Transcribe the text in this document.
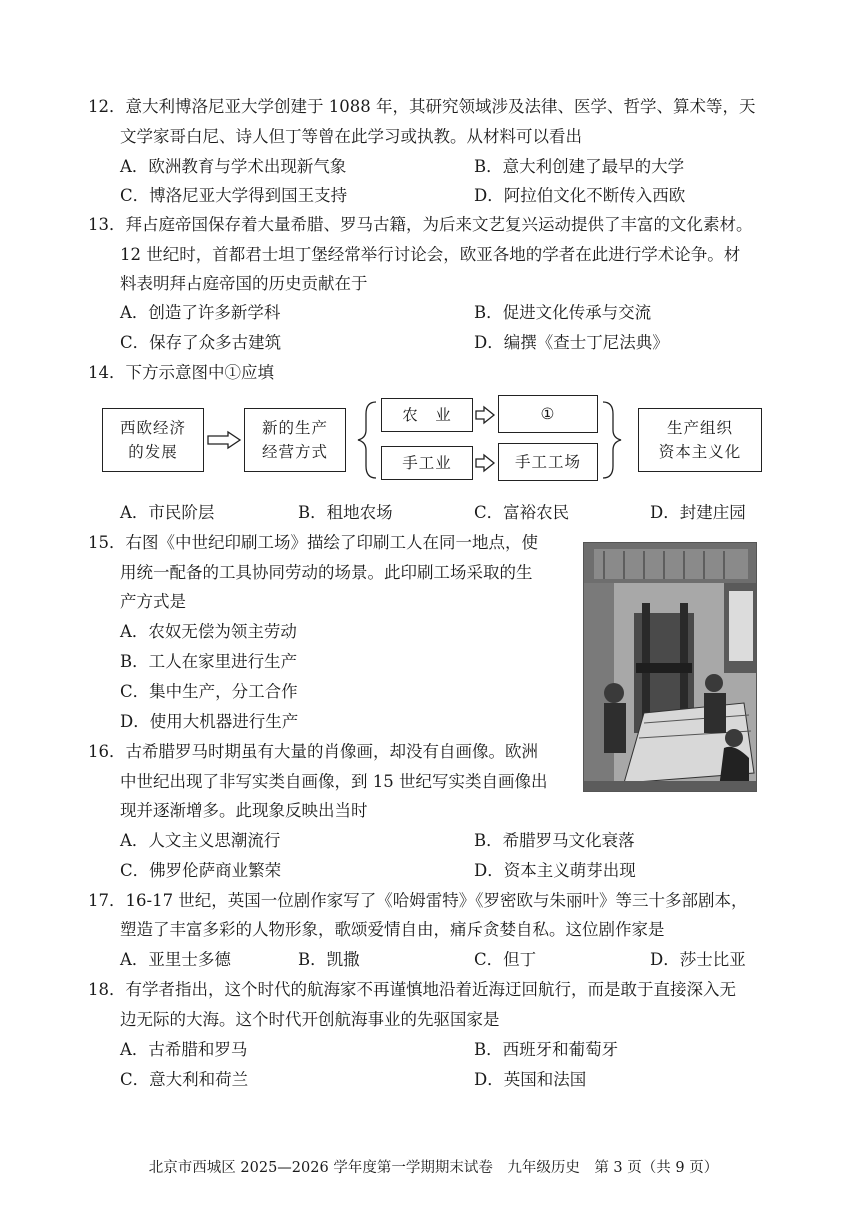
12．意大利博洛尼亚大学创建于 1088 年，其研究领域涉及法律、医学、哲学、算术等，天
文学家哥白尼、诗人但丁等曾在此学习或执教。从材料可以看出
A．欧洲教育与学术出现新气象	B．意大利创建了最早的大学
C．博洛尼亚大学得到国王支持	D．阿拉伯文化不断传入西欧
13．拜占庭帝国保存着大量希腊、罗马古籍，为后来文艺复兴运动提供了丰富的文化素材。
12 世纪时，首都君士坦丁堡经常举行讨论会，欧亚各地的学者在此进行学术论争。材
料表明拜占庭帝国的历史贡献在于
A．创造了许多新学科	B．促进文化传承与交流
C．保存了众多古建筑	D．编撰《查士丁尼法典》
14．下方示意图中①应填
西欧经济
的发展
新的生产
经营方式
农　业
手工业
①
手工工场
生产组织
资本主义化
A．市民阶层	B．租地农场	C．富裕农民	D．封建庄园
15．右图《中世纪印刷工场》描绘了印刷工人在同一地点，使
用统一配备的工具协同劳动的场景。此印刷工场采取的生
产方式是
A．农奴无偿为领主劳动
B．工人在家里进行生产
C．集中生产，分工合作
D．使用大机器进行生产
16．古希腊罗马时期虽有大量的肖像画，却没有自画像。欧洲
中世纪出现了非写实类自画像，到 15 世纪写实类自画像出
现并逐渐增多。此现象反映出当时
A．人文主义思潮流行	B．希腊罗马文化衰落
C．佛罗伦萨商业繁荣	D．资本主义萌芽出现
17．16-17 世纪，英国一位剧作家写了《哈姆雷特》《罗密欧与朱丽叶》等三十多部剧本，
塑造了丰富多彩的人物形象，歌颂爱情自由，痛斥贪婪自私。这位剧作家是
A．亚里士多德	B．凯撒	C．但丁	D．莎士比亚
18．有学者指出，这个时代的航海家不再谨慎地沿着近海迂回航行，而是敢于直接深入无
边无际的大海。这个时代开创航海事业的先驱国家是
A．古希腊和罗马	B．西班牙和葡萄牙
C．意大利和荷兰	D．英国和法国
北京市西城区 2025—2026 学年度第一学期期末试卷　九年级历史　第 3 页（共 9 页）
